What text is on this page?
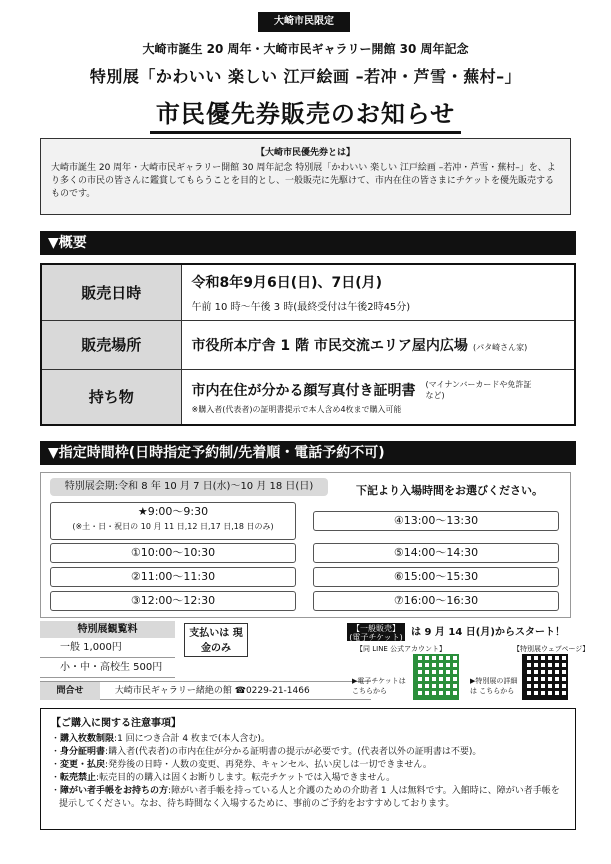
大崎市民限定
大崎市誕生 20 周年・大崎市民ギャラリー開館 30 周年記念
特別展「かわいい 楽しい 江戸絵画 –若冲・芦雪・蕪村–」
市民優先券販売のお知らせ
【大崎市民優先券とは】
大崎市誕生 20 周年・大崎市民ギャラリー開館 30 周年記念 特別展「かわいい 楽しい 江戸絵画 –若冲・芦雪・蕪村–」を、より多くの市民の皆さんに鑑賞してもらうことを目的とし、一般販売に先駆けて、市内在住の皆さまにチケットを優先販売するものです。
▼概要
販売日時	令和8年9月6日(日)、7日(月)
午前 10 時～午後 3 時(最終受付は午後2時45分)

販売場所	市役所本庁舎 1 階 市民交流エリア屋内広場 (パタ崎さん家)
持ち物	市内在住が分かる顔写真付き証明書 (マイナンバーカードや免許証など)
※購入者(代表者)の証明書提示で本人含め4枚まで購入可能
▼指定時間枠(日時指定予約制/先着順・電話予約不可)
特別展会期:令和 8 年 10 月 7 日(水)～10 月 18 日(日)	下記より入場時間をお選びください。
★9:00～9:30
(※土・日・祝日の 10 月 11 日,12 日,17 日,18 日のみ)
①10:00～10:30
②11:00～11:30
③12:00～12:30
④13:00～13:30
⑤14:00～14:30
⑥15:00～15:30
⑦16:00～16:30
特別展観覧料
一般 1,000円
小・中・高校生 500円
支払いは 現金のみ
問合せ	大崎市民ギャラリー緒絶の館 ☎0229-21-1466
【一般販売】 (電子チケット) は 9 月 14 日(月)からスタート！
【同 LINE 公式アカウント】	【特別展ウェブページ】
▶電子チケットは こちらから
▶特別展の詳細は こちらから
【ご購入に関する注意事項】
・購入枚数制限:1 回につき合計 4 枚まで(本人含む)。
・身分証明書:購入者(代表者)の市内在住が分かる証明書の提示が必要です。(代表者以外の証明書は不要)。
・変更・払戻:発券後の日時・人数の変更、再発券、キャンセル、払い戻しは一切できません。
・転売禁止:転売目的の購入は固くお断りします。転売チケットでは入場できません。
・障がい者手帳をお持ちの方:障がい者手帳を持っている人と介護のための介助者 1 人は無料です。入館時に、障がい者手帳を提示してください。なお、待ち時間なく入場するために、事前のご予約をおすすめしております。
